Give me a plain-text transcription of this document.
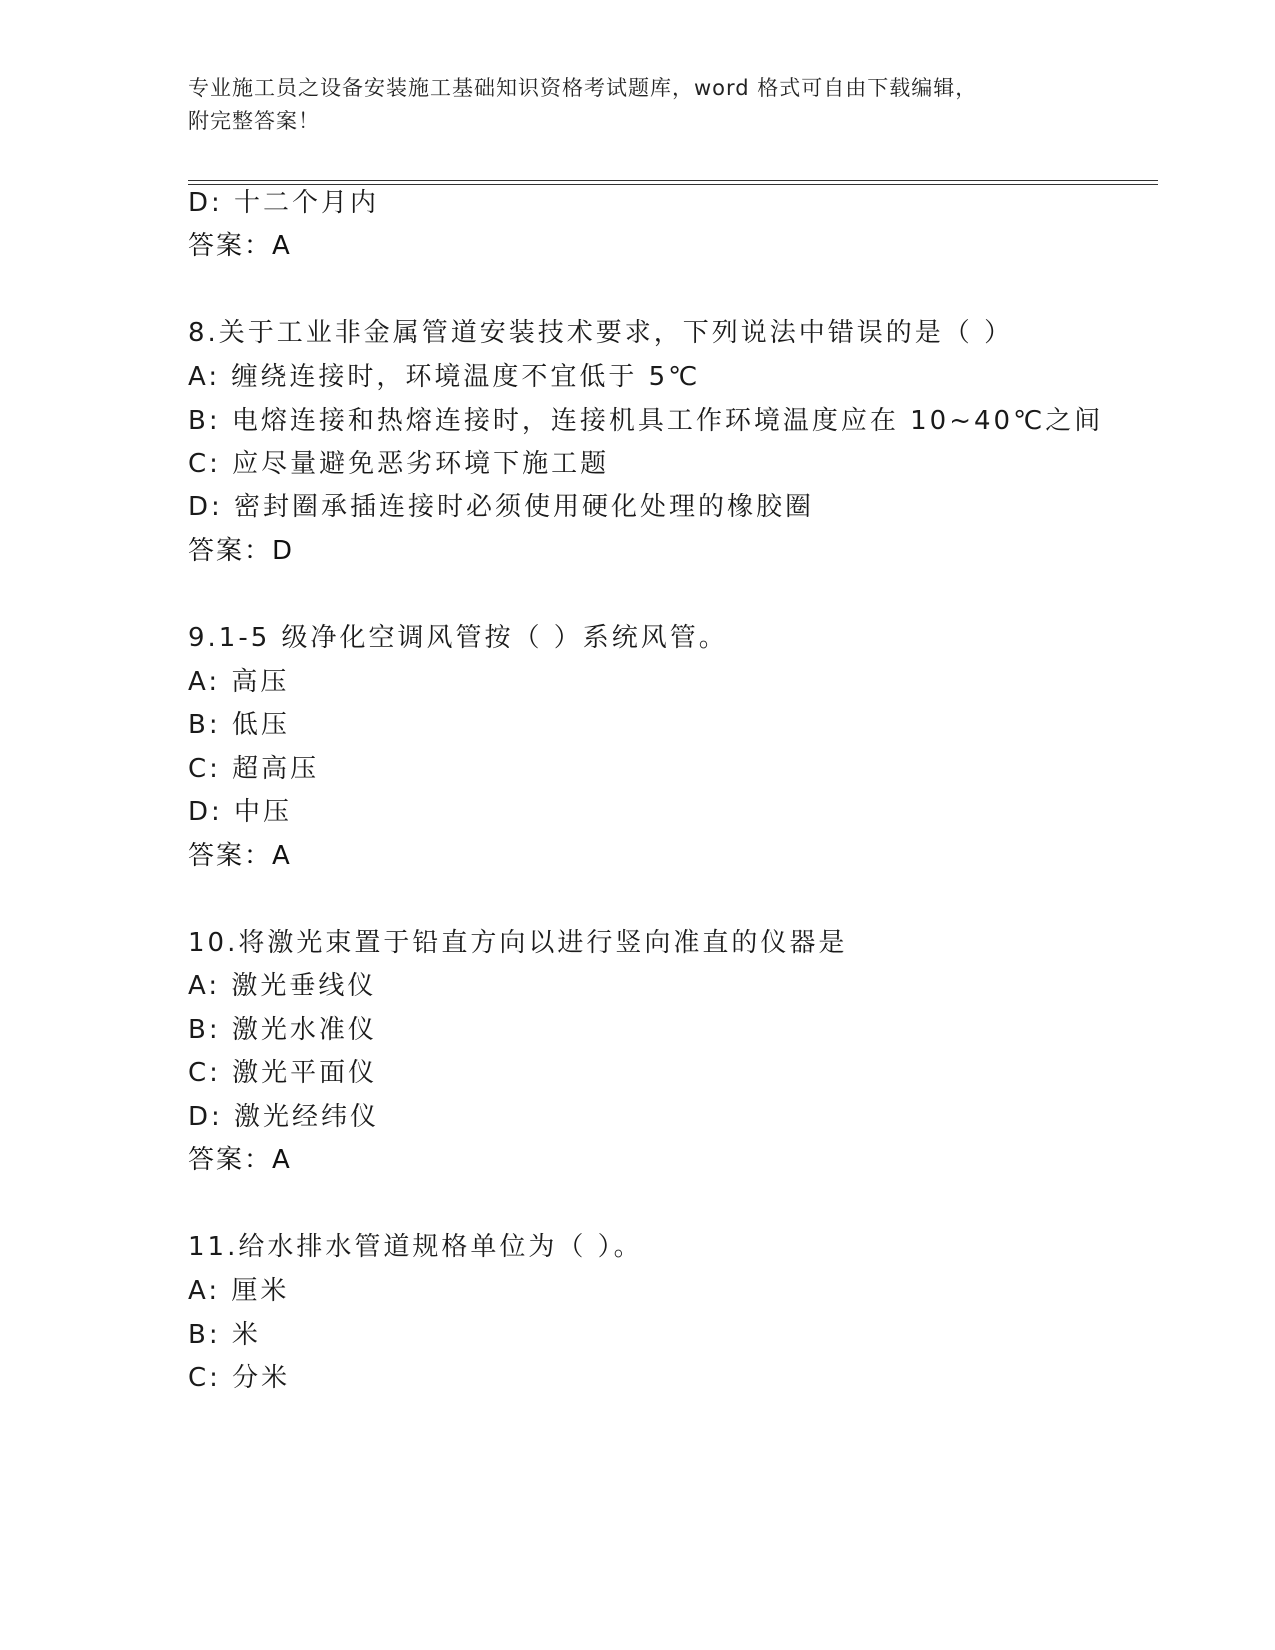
专业施工员之设备安装施工基础知识资格考试题库，word 格式可自由下载编辑，
附完整答案！
D: 十二个月内
答案：A
8.关于工业非金属管道安装技术要求，下列说法中错误的是（ ）
A: 缠绕连接时，环境温度不宜低于 5℃
B: 电熔连接和热熔连接时，连接机具工作环境温度应在 10~40℃之间
C: 应尽量避免恶劣环境下施工题
D: 密封圈承插连接时必须使用硬化处理的橡胶圈
答案：D
9.1-5 级净化空调风管按（ ）系统风管。
A: 高压
B: 低压
C: 超高压
D: 中压
答案：A
10.将激光束置于铅直方向以进行竖向准直的仪器是
A: 激光垂线仪
B: 激光水准仪
C: 激光平面仪
D: 激光经纬仪
答案：A
11.给水排水管道规格单位为（ ）。
A: 厘米
B: 米
C: 分米
